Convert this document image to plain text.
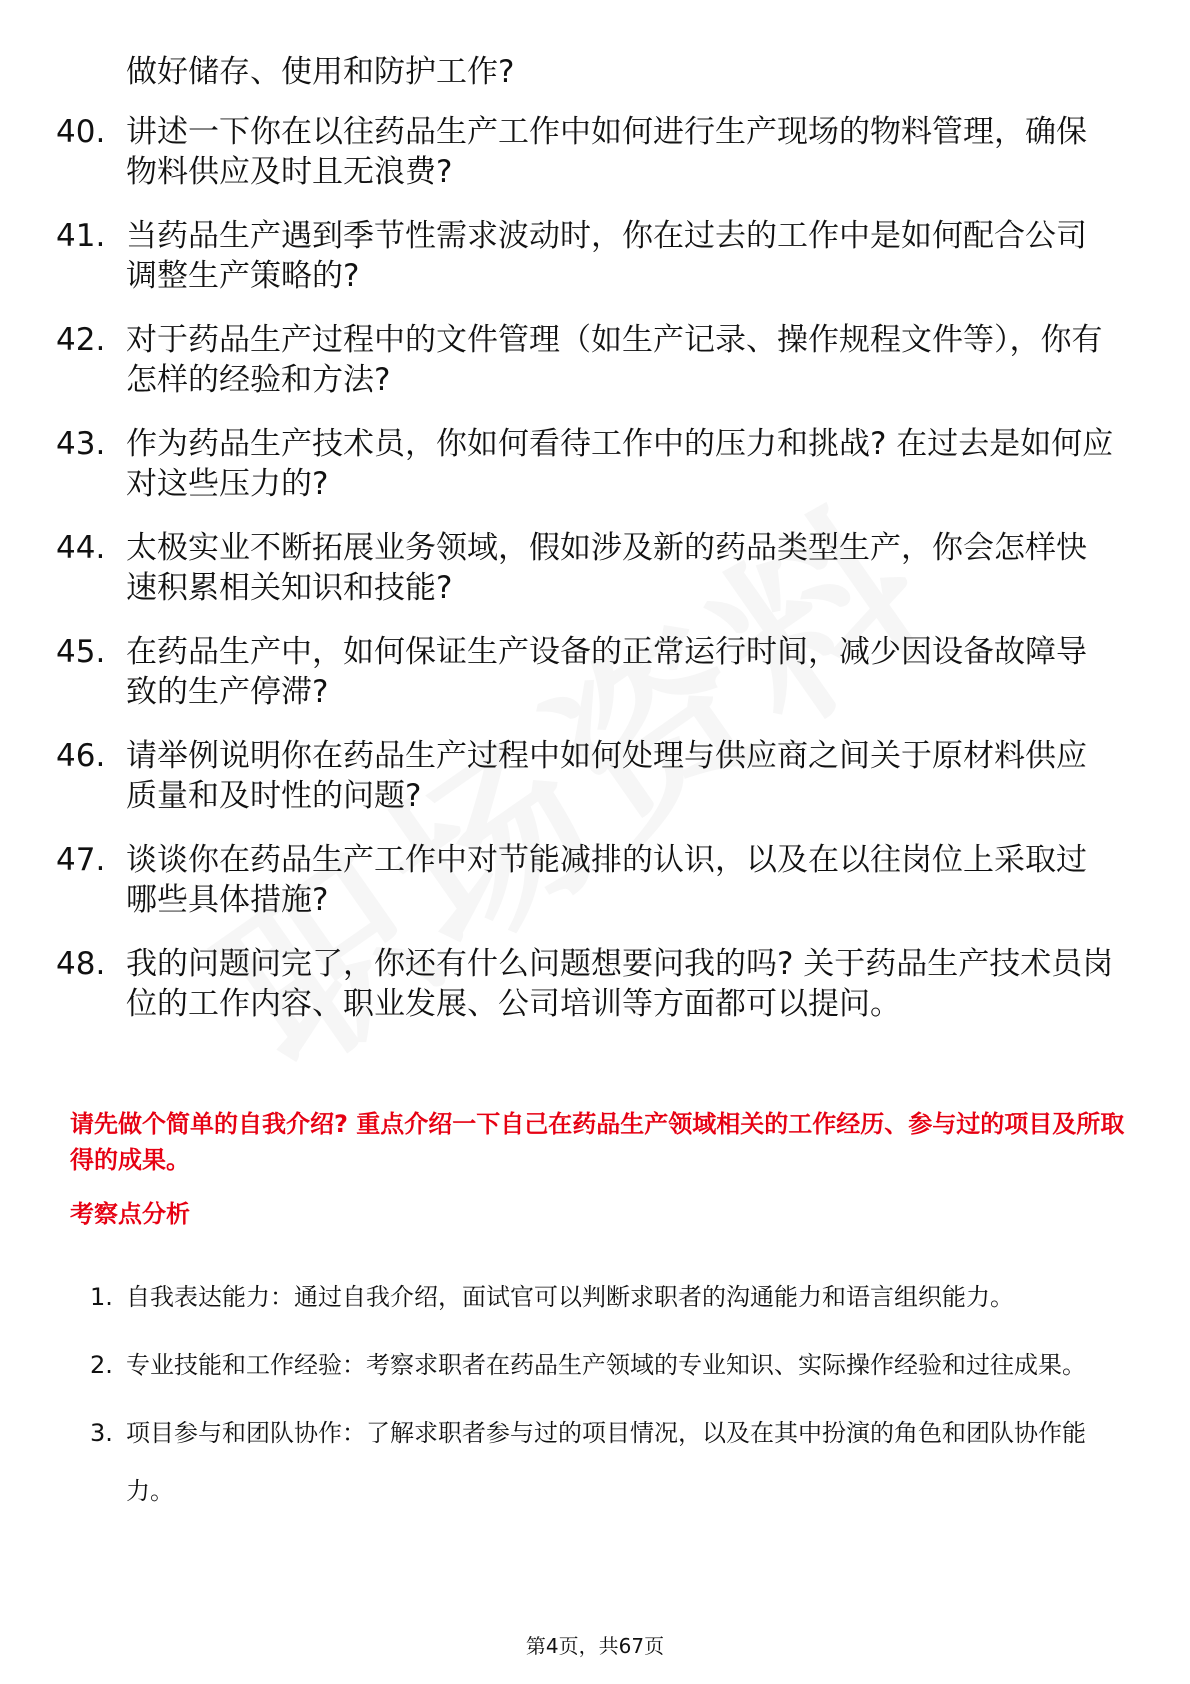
做好储存、使用和防护工作?
40. 讲述一下你在以往药品生产工作中如何进行生产现场的物料管理，确保物料供应及时且无浪费?
41. 当药品生产遇到季节性需求波动时，你在过去的工作中是如何配合公司调整生产策略的?
42. 对于药品生产过程中的文件管理（如生产记录、操作规程文件等），你有怎样的经验和方法?
43. 作为药品生产技术员，你如何看待工作中的压力和挑战? 在过去是如何应对这些压力的?
44. 太极实业不断拓展业务领域，假如涉及新的药品类型生产，你会怎样快速积累相关知识和技能?
45. 在药品生产中，如何保证生产设备的正常运行时间，减少因设备故障导致的生产停滞?
46. 请举例说明你在药品生产过程中如何处理与供应商之间关于原材料供应质量和及时性的问题?
47. 谈谈你在药品生产工作中对节能减排的认识，以及在以往岗位上采取过哪些具体措施?
48. 我的问题问完了，你还有什么问题想要问我的吗? 关于药品生产技术员岗位的工作内容、职业发展、公司培训等方面都可以提问。
请先做个简单的自我介绍? 重点介绍一下自己在药品生产领域相关的工作经历、参与过的项目及所取得的成果。
考察点分析
1. 自我表达能力：通过自我介绍，面试官可以判断求职者的沟通能力和语言组织能力。
2. 专业技能和工作经验：考察求职者在药品生产领域的专业知识、实际操作经验和过往成果。
3. 项目参与和团队协作：了解求职者参与过的项目情况，以及在其中扮演的角色和团队协作能力。
第4页，共67页
